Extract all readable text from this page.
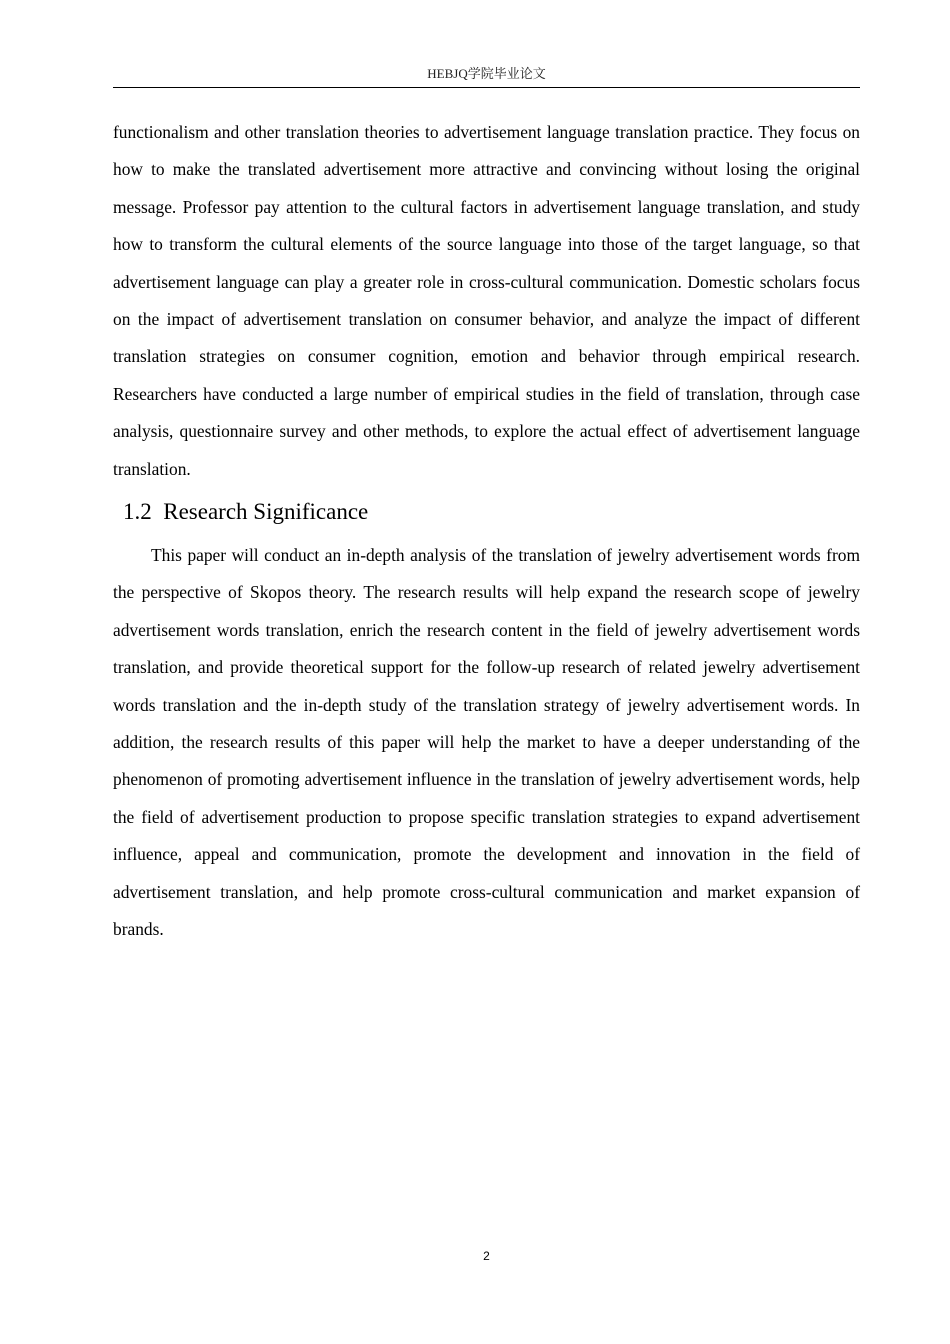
HEBJQ学院毕业论文

functionalism and other translation theories to advertisement language translation practice. They focus on how to make the translated advertisement more attractive and convincing without losing the original message. Professor pay attention to the cultural factors in advertisement language translation, and study how to transform the cultural elements of the source language into those of the target language, so that advertisement language can play a greater role in cross-cultural communication. Domestic scholars focus on the impact of advertisement translation on consumer behavior, and analyze the impact of different translation strategies on consumer cognition, emotion and behavior through empirical research. Researchers have conducted a large number of empirical studies in the field of translation, through case analysis, questionnaire survey and other methods, to explore the actual effect of advertisement language translation.

1.2 Research Significance

This paper will conduct an in-depth analysis of the translation of jewelry advertisement words from the perspective of Skopos theory. The research results will help expand the research scope of jewelry advertisement words translation, enrich the research content in the field of jewelry advertisement words translation, and provide theoretical support for the follow-up research of related jewelry advertisement words translation and the in-depth study of the translation strategy of jewelry advertisement words. In addition, the research results of this paper will help the market to have a deeper understanding of the phenomenon of promoting advertisement influence in the translation of jewelry advertisement words, help the field of advertisement production to propose specific translation strategies to expand advertisement influence, appeal and communication, promote the development and innovation in the field of advertisement translation, and help promote cross-cultural communication and market expansion of brands.

2
